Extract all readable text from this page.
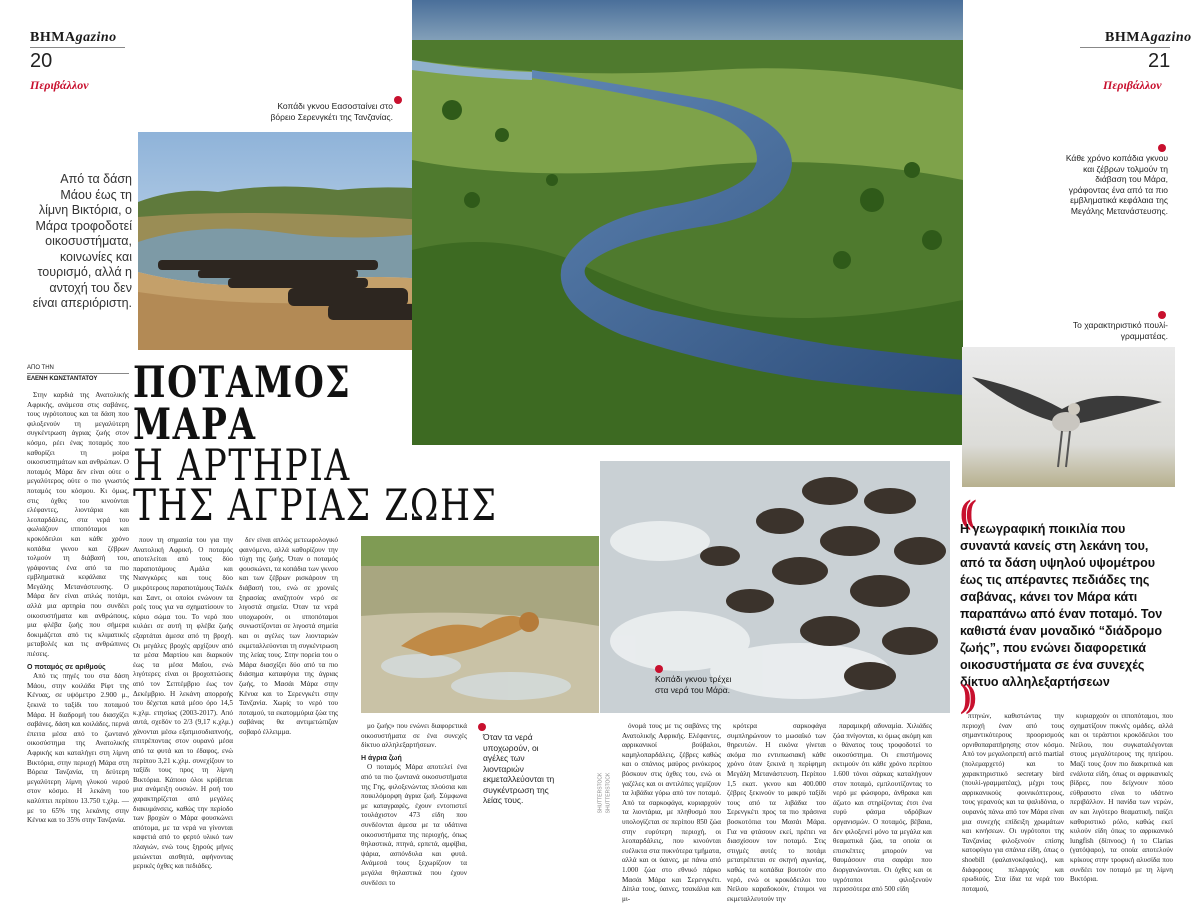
ΒΗΜΑgazino
20
Περιβάλλον
ΒΗΜΑgazino
21
Περιβάλλον
Από τα δάση Μάου έως τη λίμνη Βικτόρια, ο Μάρα τροφοδοτεί οικοσυστήματα, κοινωνίες και τουρισμό, αλλά η αντοχή του δεν είναι απεριόριστη.
Κοπάδι γκνου Εασοσταίνει στο βόρειο Σερενγκέτι της Τανζανίας.
Κάθε χρόνο κοπάδια γκνου και ζέβρων τολμούν τη διάβαση του Μάρα, γράφοντας ένα από τα πιο εμβληματικά κεφάλαια της Μεγάλης Μετανάστευσης.
Το χαρακτηριστικό πουλί-γραμματέας.
ΑΠΟ ΤΗΝ
ΕΛΕΝΗ ΚΩΝΣΤΑΝΤΑΤΟΥ ΠΟΤΑΜΟΣ
ΜΑΡΑ
Η ΑΡΤΗΡΙΑ
ΤΗΣ ΑΓΡΙΑΣ ΖΩΗΣ
Κοπάδι γκνου τρέχει στα νερά του Μάρα.
Όταν τα νερά υποχωρούν, οι αγέλες των λιονταριών εκμεταλλεύονται τη συγκέντρωση της λείας τους.
((
Η γεωγραφική ποικιλία που συναντά κανείς στη λεκάνη του, από τα δάση υψηλού υψομέτρου έως τις απέραντες πεδιάδες της σαβάνας, κάνει τον Μάρα κάτι παραπάνω από έναν ποταμό. Τον καθιστά έναν μοναδικό “διάδρομο ζωής”, που ενώνει διαφορετικά οικοσυστήματα σε ένα συνεχές δίκτυο αλληλεξαρτήσεων
))

Στην καρδιά της Ανατολικής Αφρικής, ανάμεσα στις σαβάνες, τους υγρότοπους και τα δάση που φιλοξενούν τη μεγαλύτερη συγκέντρωση άγριας ζωής στον κόσμο, ρέει ένας ποταμός που καθορίζει τη μοίρα οικοσυστημάτων και ανθρώπων. Ο ποταμός Μάρα δεν είναι ούτε ο μεγαλύτερος ούτε ο πιο γνωστός ποταμός του κόσμου. Κι όμως, στις όχθες του κινούνται ελέφαντες, λιοντάρια και λεοπαρδάλεις, στα νερά του φωλιάζουν ιπποπόταμοι και κροκόδειλοι και κάθε χρόνο κοπάδια γκνου και ζέβρων τολμούν τη διάβασή του, γράφοντας ένα από τα πιο εμβληματικά κεφάλαια της Μεγάλης Μετανάστευσης. Ο Μάρα δεν είναι απλώς ποτάμι, αλλά μια αρτηρία που συνδέει οικοσυστήματα και ανθρώπους, μια φλέβα ζωής που σήμερα δοκιμάζεται από τις κλιματικές μεταβολές και τις ανθρώπινες πιέσεις.

Ο ποταμός σε αριθμούς

Από τις πηγές του στα δάση Μάου, στην κοιλάδα Ρίφτ της Κένυας, σε υψόμετρο 2.900 μ., ξεκινά το ταξίδι του ποταμού Μάρα. Η διαδρομή του διασχίζει σαβάνες, δάση και κοιλάδες, περνά έπειτα μέσα από το ζωντανό οικοσύστημα της Ανατολικής Αφρικής και καταλήγει στη λίμνη Βικτόρια, στην περιοχή Μάρα στη Βόρεια Τανζανία, τη δεύτερη μεγαλύτερη λίμνη γλυκού νερού στον κόσμο. Η λεκάνη του καλύπτει περίπου 13.750 τ.χλμ. — με το 65% της λεκάνης στην Κένυα και το 35% στην Τανζανία.

πουν τη σημασία του για την Ανατολική Αφρική. Ο ποταμός αποτελείται από τους δύο παραποτάμους Αμάλα και Νιανγκόρες και τους δύο μικρότερους παραποτάμους Ταλέκ και Σαντ, οι οποίοι ενώνουν τα ροές τους για να σχηματίσουν το κύριο σώμα του. Το νερό που κυλάει σε αυτή τη φλέβα ζωής εξαρτάται άμεσα από τη βροχή. Οι μεγάλες βροχές αρχίζουν από τα μέσα Μαρτίου και διαρκούν έως τα μέσα Μαΐου, ενώ λιγότερες είναι οι βροχοπτώσεις από τον Σεπτέμβριο έως τον Δεκέμβριο. Η λεκάνη απορροής του δέχεται κατά μέσο όρο 14,5 κ.χλμ. ετησίως (2003-2017). Από αυτά, σχεδόν το 2/3 (9,17 κ.χλμ.) χάνονται μέσω εξατμισοδιαπνοής, επιτρέποντας στον ουρανό μέσα από τα φυτά και το έδαφος, ενώ περίπου 3,21 κ.χλμ. συνεχίζουν το ταξίδι τους προς τη λίμνη Βικτόρια. Κάποιο όλοι κρύβεται μια ανάμειξη ουσιών. Η ροή του χαρακτηρίζεται από μεγάλες διακυμάνσεις, καθώς την περίοδο των βροχών ο Μάρα φουσκώνει απότομα, με τα νερά να γίνονται καφετιά από το φερτό υλικό των πλαγιών, ενώ τους ξηρούς μήνες μειώνεται αισθητά, αφήνοντας μερικές όχθες και πεδιάδες.

δεν είναι απλώς μετεωρολογικό φαινόμενο, αλλά καθορίζουν την τύχη της ζωής. Όταν ο ποταμός φουσκώνει, τα κοπάδια των γκνου και των ζέβρων ρισκάρουν τη διάβασή του, ενώ σε χρονιές ξηρασίας αναζητούν νερό σε λιγοστά σημεία. Όταν τα νερά υποχωρούν, οι ιπποπόταμοι συνωστίζονται σε λιγοστά σημεία και οι αγέλες των λιονταριών εκμεταλλεύονται τη συγκέντρωση της λείας τους. Στην πορεία του ο Μάρα διασχίζει δύο από τα πιο διάσημα καταφύγια της άγριας ζωής, το Μασάι Μάρα στην Κένυα και το Σερενγκέτι στην Τανζανία. Χωρίς το νερό του ποταμού, τα εκατομμύρια ζώα της σαβάνας θα αντιμετώπιζαν σοβαρό έλλειμμα.

μο ζωής» που ενώνει διαφορετικά οικοσυστήματα σε ένα συνεχές δίκτυο αλληλεξαρτήσεων.

Η άγρια ζωή

Ο ποταμός Μάρα αποτελεί ένα από τα πιο ζωντανά οικοσυστήματα της Γης, φιλοξενώντας πλούσια και ποικιλόμορφη άγρια ζωή. Σύμφωνα με καταγραφές, έχουν εντοπιστεί τουλάχιστον 473 είδη που συνδέονται άμεσα με τα υδάτινα οικοσυστήματα της περιοχής, όπως θηλαστικά, πτηνά, ερπετά, αμφίβια, ψάρια, ασπόνδυλα και φυτά. Ανάμεσά τους ξεχωρίζουν τα μεγάλα θηλαστικά που έχουν συνδέσει το

SHUTTERSTOCK SHUTTERSTOCK

όνομά τους με τις σαβάνες της Ανατολικής Αφρικής. Ελέφαντες, αφρικανικοί βούβαλοι, καμηλοπαρδάλεις, ζέβρες καθώς και ο σπάνιος μαύρος ρινόκερος βόσκουν στις όχθες του, ενώ οι γαζέλες και οι αντιλόπες γεμίζουν τα λιβάδια γύρω από τον ποταμό. Από τα σαρκοφάγα, κυριαρχούν τα λιοντάρια, με πληθυσμό που υπολογίζεται σε περίπου 850 ζώα στην ευρύτερη περιοχή, οι λεοπαρδάλεις, που κινούνται ευέλικτα στα πυκνότερα τμήματα, αλλά και οι ύαινες, με πάνω από 1.000 ζώα στο εθνικό πάρκο Μασάι Μάρα και Σερενγκέτι. Δίπλα τους, ύαινες, τσακάλια και μι-

κρότερα σαρκοφάγα συμπληρώνουν το μωσαϊκό των θηρευτών. Η εικόνα γίνεται ακόμα πιο εντυπωσιακή κάθε χρόνο όταν ξεκινά η περίφημη Μεγάλη Μετανάστευση. Περίπου 1,5 εκατ. γκνου και 400.000 ζέβρες ξεκινούν το μακρύ ταξίδι τους από τα λιβάδια του Σερενγκέτι προς τα πιο πράσινα βοσκοτόπια του Μασάι Μάρα. Για να φτάσουν εκεί, πρέπει να διασχίσουν τον ποταμό. Στις στιγμές αυτές το ποτάμι μετατρέπεται σε σκηνή αγωνίας, καθώς τα κοπάδια βουτούν στο νερό, ενώ οι κροκόδειλοι του Νείλου καραδοκούν, έτοιμοι να εκμεταλλευτούν την

παραμικρή αδυναμία. Χιλιάδες ζώα πνίγονται, κι όμως ακόμη και ο θάνατος τους τροφοδοτεί το οικοσύστημα. Οι επιστήμονες εκτιμούν ότι κάθε χρόνο περίπου 1.600 τόνοι σάρκας καταλήγουν στον ποταμό, εμπλουτίζοντας το νερό με φώσφορο, άνθρακα και άζωτο και στηρίζοντας έτσι ένα ευρύ φάσμα υδρόβιων οργανισμών. Ο ποταμός, βέβαια, δεν φιλοξενεί μόνο τα μεγάλα και θεαματικά ζώα, τα οποία οι επισκέπτες μπορούν να θαυμάσουν στα σαφάρι που διοργανώνονται. Οι όχθες και οι υγρότοποι φιλοξενούν περισσότερα από 500 είδη

πτηνών, καθιστώντας την περιοχή έναν από τους σημαντικότερους προορισμούς ορνιθοπαρατήρησης στον κόσμο. Από τον μεγαλοπρεπή αετό martial (πολεμαρχετό) και το χαρακτηριστικό secretary bird (πουλί-γραμματέας), μέχρι τους αφρικανικούς φοινικόπτερους, τους γερανούς και τα ψαλιδόνια, ο ουρανός πάνω από τον Μάρα είναι μια συνεχής επίδειξη χρωμάτων και κινήσεων. Οι υγρότοποι της Τανζανίας φιλοξενούν επίσης κατοφύγιο για σπάνια είδη, όπως ο shoebill (φαλαινοκέφαλος), και διάφορους πελαργούς και ερωδιούς. Στα ίδια τα νερά του ποταμού,

κυριαρχούν οι ιπποπόταμοι, που σχηματίζουν πυκνές ομάδες, αλλά και οι τεράστιοι κροκόδειλοι του Νείλου, που συγκαταλέγονται στους μεγαλύτερους της ηπείρου. Μαζί τους ζουν πιο διακριτικά και ενάλυτα είδη, όπως οι αφρικανικές βίδρες, που δείχνουν πόσο εύθραυστο είναι το υδάτινο περιβάλλον. Η πανίδα των νερών, αν και λιγότερο θεαματική, παίζει καθοριστικό ρόλο, καθώς εκεί κυλούν είδη όπως το αφρικανικό lungfish (δίπνοος) ή το Clarias (γατόψαρο), τα οποία αποτελούν κρίκους στην τροφική αλυσίδα που συνδέει τον ποταμό με τη λίμνη Βικτόρια.
